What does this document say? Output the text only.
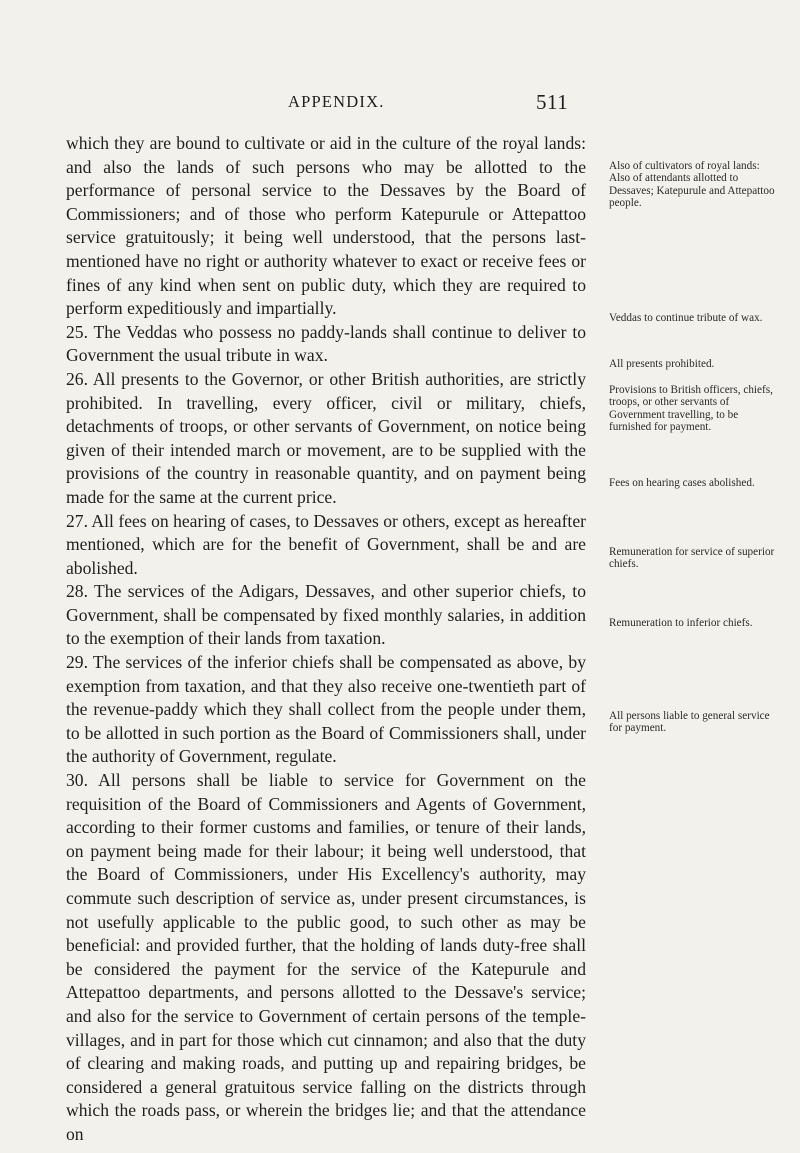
APPENDIX.	511

which they are bound to cultivate or aid in the culture of the royal lands: and also the lands of such persons who may be allotted to the performance of personal service to the Dessaves by the Board of Commissioners; and of those who perform Katepurule or Attepattoo service gratuitously; it being well understood, that the persons last-mentioned have no right or authority whatever to exact or receive fees or fines of any kind when sent on public duty, which they are required to perform expeditiously and impartially.

25. The Veddas who possess no paddy-lands shall continue to deliver to Government the usual tribute in wax.

26. All presents to the Governor, or other British authorities, are strictly prohibited. In travelling, every officer, civil or military, chiefs, detachments of troops, or other servants of Government, on notice being given of their intended march or movement, are to be supplied with the provisions of the country in reasonable quantity, and on payment being made for the same at the current price.

27. All fees on hearing of cases, to Dessaves or others, except as hereafter mentioned, which are for the benefit of Government, shall be and are abolished.

28. The services of the Adigars, Dessaves, and other superior chiefs, to Government, shall be compensated by fixed monthly salaries, in addition to the exemption of their lands from taxation.

29. The services of the inferior chiefs shall be compensated as above, by exemption from taxation, and that they also receive one-twentieth part of the revenue-paddy which they shall collect from the people under them, to be allotted in such portion as the Board of Commissioners shall, under the authority of Government, regulate.

30. All persons shall be liable to service for Government on the requisition of the Board of Commissioners and Agents of Government, according to their former customs and families, or tenure of their lands, on payment being made for their labour; it being well understood, that the Board of Commissioners, under His Excellency's authority, may commute such description of service as, under present circumstances, is not usefully applicable to the public good, to such other as may be beneficial: and provided further, that the holding of lands duty-free shall be considered the payment for the service of the Katepurule and Attepattoo departments, and persons allotted to the Dessave's service; and also for the service to Government of certain persons of the temple-villages, and in part for those which cut cinnamon; and also that the duty of clearing and making roads, and putting up and repairing bridges, be considered a general gratuitous service falling on the districts through which the roads pass, or wherein the bridges lie; and that the attendance on

Also of cultivators of royal lands: Also of attendants allotted to Dessaves; Katepurule and Attepattoo people.
Veddas to continue tribute of wax.
All presents prohibited.
Provisions to British officers, chiefs, troops, or other servants of Government travelling, to be furnished for payment.
Fees on hearing cases abolished.
Remuneration for service of superior chiefs.
Remuneration to inferior chiefs.
All persons liable to general service for payment.
